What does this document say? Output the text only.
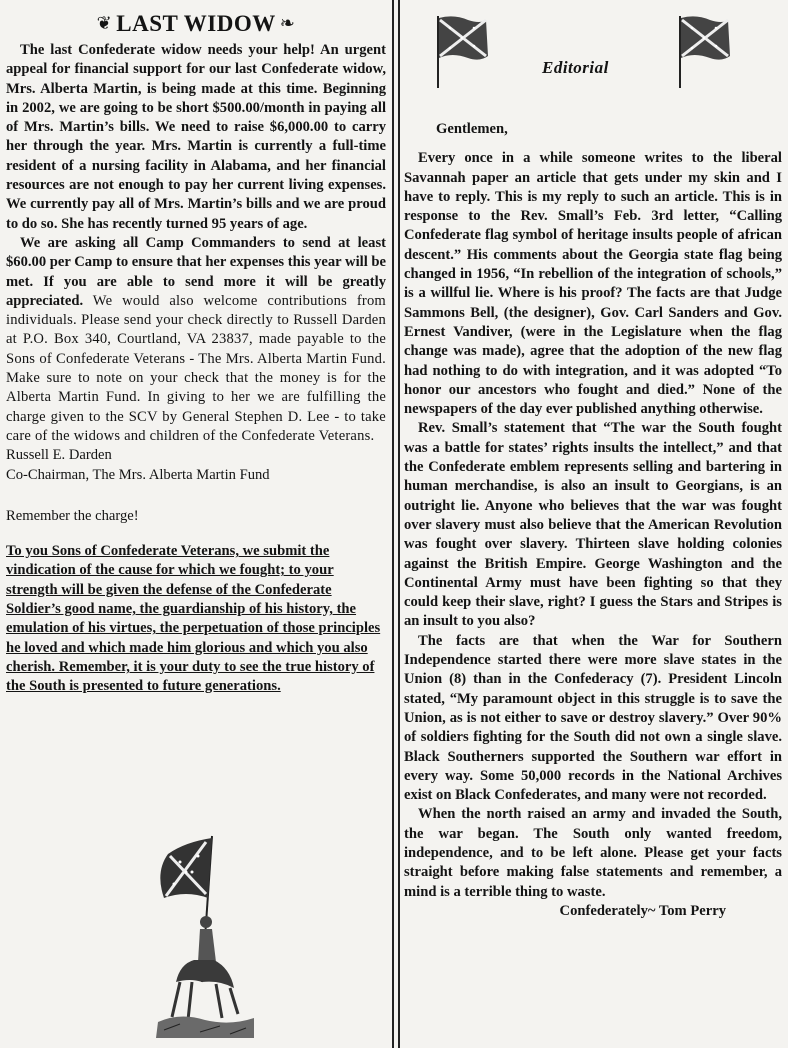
❦ LAST WIDOW ❧

The last Confederate widow needs your help! An urgent appeal for financial support for our last Confederate widow, Mrs. Alberta Martin, is being made at this time. Beginning in 2002, we are going to be short $500.00/month in paying all of Mrs. Martin’s bills. We need to raise $6,000.00 to carry her through the year. Mrs. Martin is currently a full-time resident of a nursing facility in Alabama, and her financial resources are not enough to pay her current living expenses. We currently pay all of Mrs. Martin’s bills and we are proud to do so. She has recently turned 95 years of age.

We are asking all Camp Commanders to send at least $60.00 per Camp to ensure that her expenses this year will be met. If you are able to send more it will be greatly appreciated. We would also welcome contributions from individuals. Please send your check directly to Russell Darden at P.O. Box 340, Courtland, VA 23837, made payable to the Sons of Confederate Veterans - The Mrs. Alberta Martin Fund. Make sure to note on your check that the money is for the Alberta Martin Fund. In giving to her we are fulfilling the charge given to the SCV by General Stephen D. Lee - to take care of the widows and children of the Confederate Veterans.

Russell E. Darden
Co-Chairman, The Mrs. Alberta Martin Fund
Remember the charge!

To you Sons of Confederate Veterans, we submit the vindication of the cause for which we fought; to your strength will be given the defense of the Confederate Soldier’s good name, the guardianship of his history, the emulation of his virtues, the perpetuation of those principles he loved and which made him glorious and which you also cherish. Remember, it is your duty to see the true history of the South is presented to future generations.

Editorial

Gentlemen,

Every once in a while someone writes to the liberal Savannah paper an article that gets under my skin and I have to reply. This is my reply to such an article. This is in response to the Rev. Small’s Feb. 3rd letter, “Calling Confederate flag symbol of heritage insults people of african descent.” His comments about the Georgia state flag being changed in 1956, “In rebellion of the integration of schools,” is a willful lie. Where is his proof? The facts are that Judge Sammons Bell, (the designer), Gov. Carl Sanders and Gov. Ernest Vandiver, (were in the Legislature when the flag change was made), agree that the adoption of the new flag had nothing to do with integration, and it was adopted “To honor our ancestors who fought and died.” None of the newspapers of the day ever published anything otherwise.

Rev. Small’s statement that “The war the South fought was a battle for states’ rights insults the intellect,” and that the Confederate emblem represents selling and bartering in human merchandise, is also an insult to Georgians, is an outright lie. Anyone who believes that the war was fought over slavery must also believe that the American Revolution was fought over slavery. Thirteen slave holding colonies against the British Empire. George Washington and the Continental Army must have been fighting so that they could keep their slave, right? I guess the Stars and Stripes is an insult to you also?

The facts are that when the War for Southern Independence started there were more slave states in the Union (8) than in the Confederacy (7). President Lincoln stated, “My paramount object in this struggle is to save the Union, as is not either to save or destroy slavery.” Over 90% of soldiers fighting for the South did not own a single slave. Black Southerners supported the Southern war effort in every way. Some 50,000 records in the National Archives exist on Black Confederates, and many were not recorded.

When the north raised an army and invaded the South, the war began. The South only wanted freedom, independence, and to be left alone. Please get your facts straight before making false statements and remember, a mind is a terrible thing to waste.

Confederately~ Tom Perry
